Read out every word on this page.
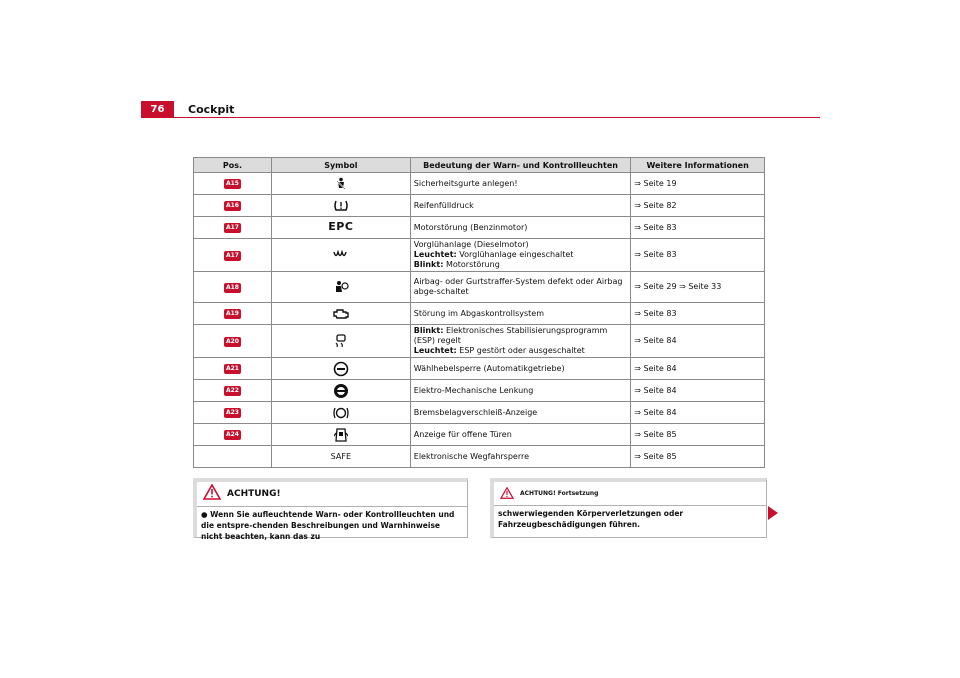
76	Cockpit
Pos.	Symbol	Bedeutung der Warn- und Kontrollleuchten	Weitere Informationen
A15		Sicherheitsgurte anlegen!	⇒ Seite 19
A16		Reifenfülldruck	⇒ Seite 82
A17	EPC	Motorstörung (Benzinmotor)	⇒ Seite 83
A17		Vorglühanlage (Dieselmotor)
Leuchtet: Vorglühanlage eingeschaltet
Blinkt: Motorstörung	⇒ Seite 83
A18		Airbag- oder Gurtstraffer-System defekt oder Airbag abge-schaltet	⇒ Seite 29 ⇒ Seite 33
A19		Störung im Abgaskontrollsystem	⇒ Seite 83
A20		Blinkt: Elektronisches Stabilisierungsprogramm (ESP) regelt
Leuchtet: ESP gestört oder ausgeschaltet	⇒ Seite 84
A21		Wählhebelsperre (Automatikgetriebe)	⇒ Seite 84
A22		Elektro-Mechanische Lenkung	⇒ Seite 84
A23		Bremsbelagverschleiß-Anzeige	⇒ Seite 84
A24		Anzeige für offene Türen	⇒ Seite 85
	SAFE	Elektronische Wegfahrsperre	⇒ Seite 85
ACHTUNG!
● Wenn Sie aufleuchtende Warn- oder Kontrollleuchten und die entspre-chenden Beschreibungen und Warnhinweise nicht beachten, kann das zu
ACHTUNG! Fortsetzung
schwerwiegenden Körperverletzungen oder Fahrzeugbeschädigungen führen.
